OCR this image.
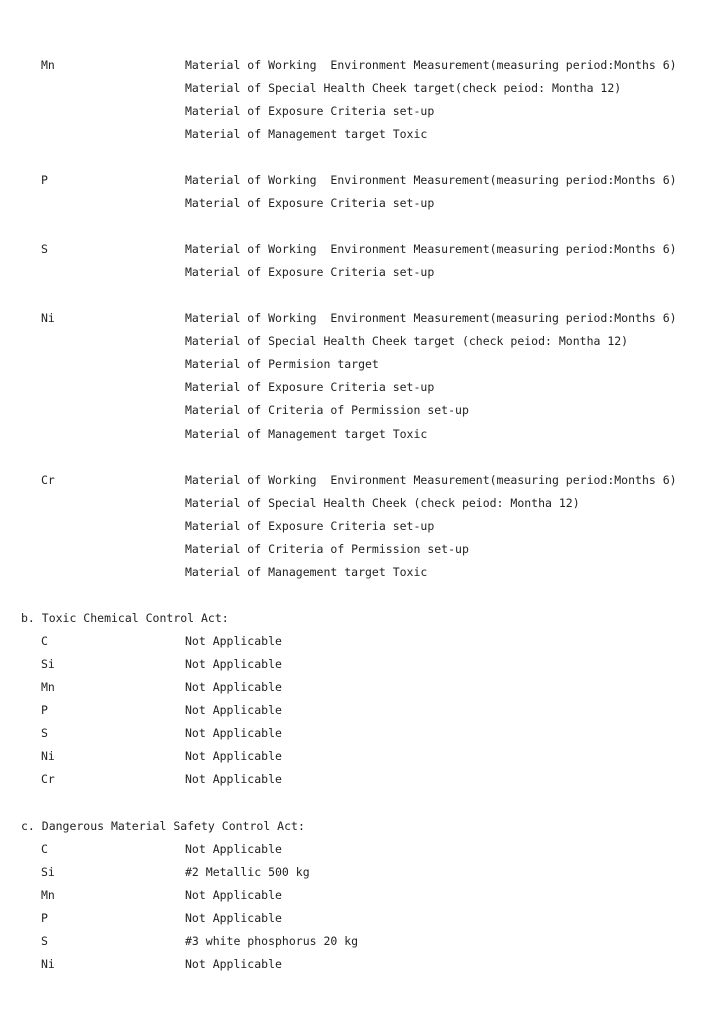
Mn	Material of Working  Environment Measurement(measuring period:Months 6)
Material of Special Health Cheek target(check peiod: Montha 12)
Material of Exposure Criteria set-up
Material of Management target Toxic
P	Material of Working  Environment Measurement(measuring period:Months 6)
Material of Exposure Criteria set-up
S	Material of Working  Environment Measurement(measuring period:Months 6)
Material of Exposure Criteria set-up
Ni	Material of Working  Environment Measurement(measuring period:Months 6)
Material of Special Health Cheek target (check peiod: Montha 12)
Material of Permision target
Material of Exposure Criteria set-up
Material of Criteria of Permission set-up
Material of Management target Toxic
Cr	Material of Working  Environment Measurement(measuring period:Months 6)
Material of Special Health Cheek (check peiod: Montha 12)
Material of Exposure Criteria set-up
Material of Criteria of Permission set-up
Material of Management target Toxic
b. Toxic Chemical Control Act:
C	Not Applicable
Si	Not Applicable
Mn	Not Applicable
P	Not Applicable
S	Not Applicable
Ni	Not Applicable
Cr	Not Applicable
c. Dangerous Material Safety Control Act:
C	Not Applicable
Si	#2 Metallic 500 kg
Mn	Not Applicable
P	Not Applicable
S	#3 white phosphorus 20 kg
Ni	Not Applicable
